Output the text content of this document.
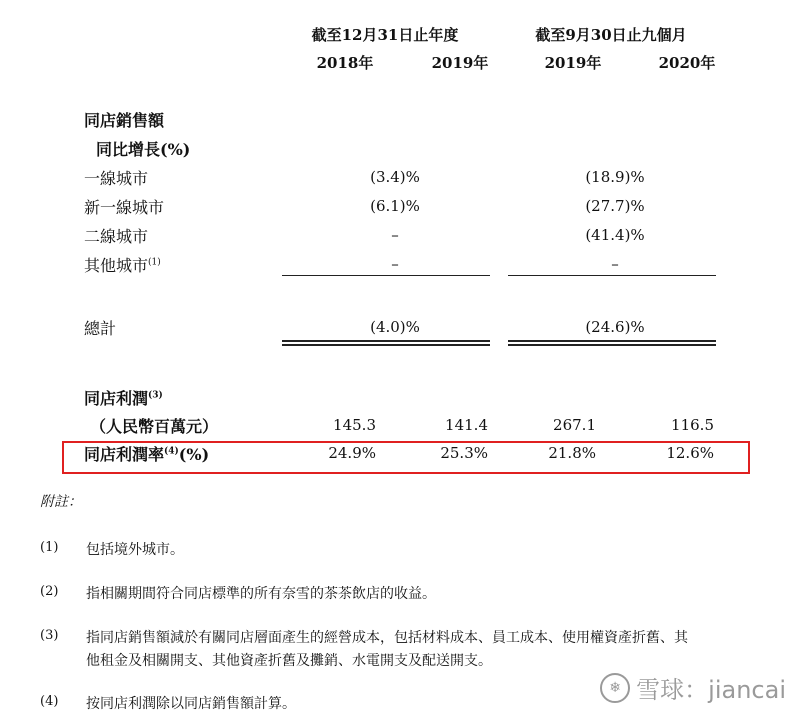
截至12月31日止年度	截至9月30日止九個月
2018年	2019年	2019年	2020年
同店銷售額
同比增長(%)
一線城市	(3.4)%	(18.9)%
新一線城市	(6.1)%	(27.7)%
二線城市	–	(41.4)%
其他城市$^{(1)}$	–	–
總計	(4.0)%	(24.6)%
同店利潤$^{(3)}$
（人民幣百萬元）	145.3	141.4	267.1	116.5
同店利潤率$^{(4)}$(%)	24.9%	25.3%	21.8%	12.6%
附註：
(1) 包括境外城市。
(2) 指相關期間符合同店標準的所有奈雪的茶茶飲店的收益。
(3) 指同店銷售額減於有關同店層面產生的經營成本，包括材料成本、員工成本、使用權資產折舊、其
他租金及相關開支、其他資產折舊及攤銷、水電開支及配送開支。
(4) 按同店利潤除以同店銷售額計算。
❄ 雪球：jiancai
